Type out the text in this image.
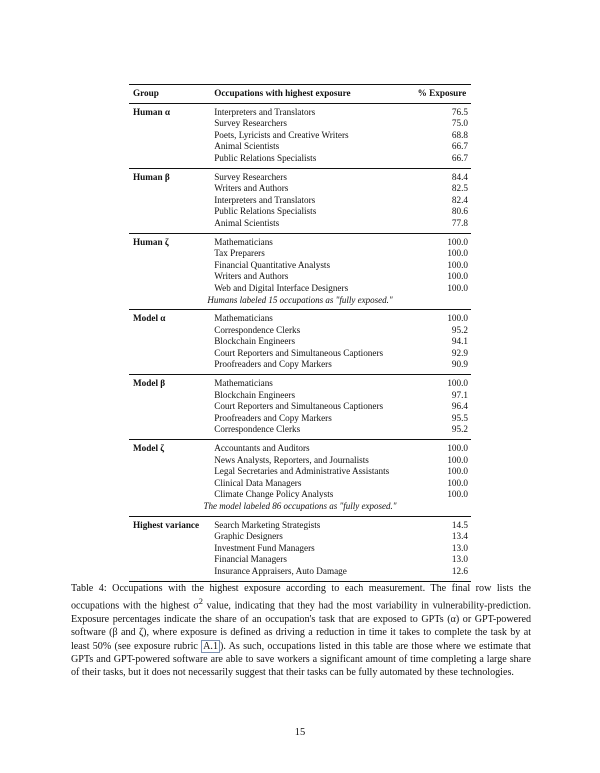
Group	Occupations with highest exposure	% Exposure
Human α	Interpreters and Translators	76.5
	Survey Researchers	75.0
	Poets, Lyricists and Creative Writers	68.8
	Animal Scientists	66.7
	Public Relations Specialists	66.7
Human β	Survey Researchers	84.4
	Writers and Authors	82.5
	Interpreters and Translators	82.4
	Public Relations Specialists	80.6
	Animal Scientists	77.8
Human ζ	Mathematicians	100.0
	Tax Preparers	100.0
	Financial Quantitative Analysts	100.0
	Writers and Authors	100.0
	Web and Digital Interface Designers	100.0
Humans labeled 15 occupations as "fully exposed."		
Model α	Mathematicians	100.0
	Correspondence Clerks	95.2
	Blockchain Engineers	94.1
	Court Reporters and Simultaneous Captioners	92.9
	Proofreaders and Copy Markers	90.9
Model β	Mathematicians	100.0
	Blockchain Engineers	97.1
	Court Reporters and Simultaneous Captioners	96.4
	Proofreaders and Copy Markers	95.5
	Correspondence Clerks	95.2
Model ζ	Accountants and Auditors	100.0
	News Analysts, Reporters, and Journalists	100.0
	Legal Secretaries and Administrative Assistants	100.0
	Clinical Data Managers	100.0
	Climate Change Policy Analysts	100.0
The model labeled 86 occupations as "fully exposed."		
Highest variance	Search Marketing Strategists	14.5
	Graphic Designers	13.4
	Investment Fund Managers	13.0
	Financial Managers	13.0
	Insurance Appraisers, Auto Damage	12.6
Table 4: Occupations with the highest exposure according to each measurement. The final row lists the occupations with the highest $\sigma^2$ value, indicating that they had the most variability in vulnerability-prediction. Exposure percentages indicate the share of an occupation's task that are exposed to GPTs (α) or GPT-powered software (β and ζ), where exposure is defined as driving a reduction in time it takes to complete the task by at least 50% (see exposure rubric A.1 ). As such, occupations listed in this table are those where we estimate that GPTs and GPT-powered software are able to save workers a significant amount of time completing a large share of their tasks, but it does not necessarily suggest that their tasks can be fully automated by these technologies.
15
